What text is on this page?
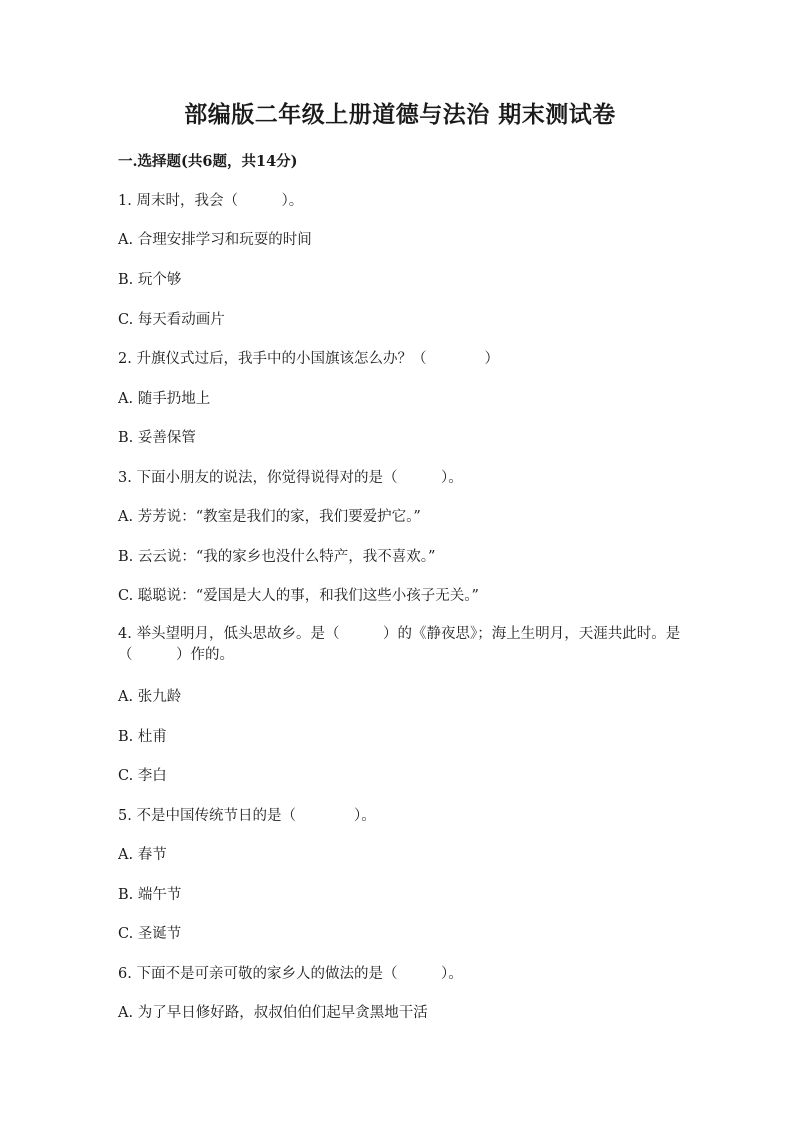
部编版二年级上册道德与法治 期末测试卷
一.选择题(共6题，共14分)
1. 周末时，我会（　　　）。
A. 合理安排学习和玩耍的时间
B. 玩个够
C. 每天看动画片
2. 升旗仪式过后，我手中的小国旗该怎么办？（　　　　）
A. 随手扔地上
B. 妥善保管
3. 下面小朋友的说法，你觉得说得对的是（　　　）。
A. 芳芳说：“教室是我们的家，我们要爱护它。”
B. 云云说：“我的家乡也没什么特产，我不喜欢。”
C. 聪聪说：“爱国是大人的事，和我们这些小孩子无关。”
4. 举头望明月，低头思故乡。是（　　　）的《静夜思》；海上生明月，天涯共此时。是（　　　）作的。
A. 张九龄
B. 杜甫
C. 李白
5. 不是中国传统节日的是（　　　　）。
A. 春节
B. 端午节
C. 圣诞节
6. 下面不是可亲可敬的家乡人的做法的是（　　　）。
A. 为了早日修好路，叔叔伯伯们起早贪黑地干活
